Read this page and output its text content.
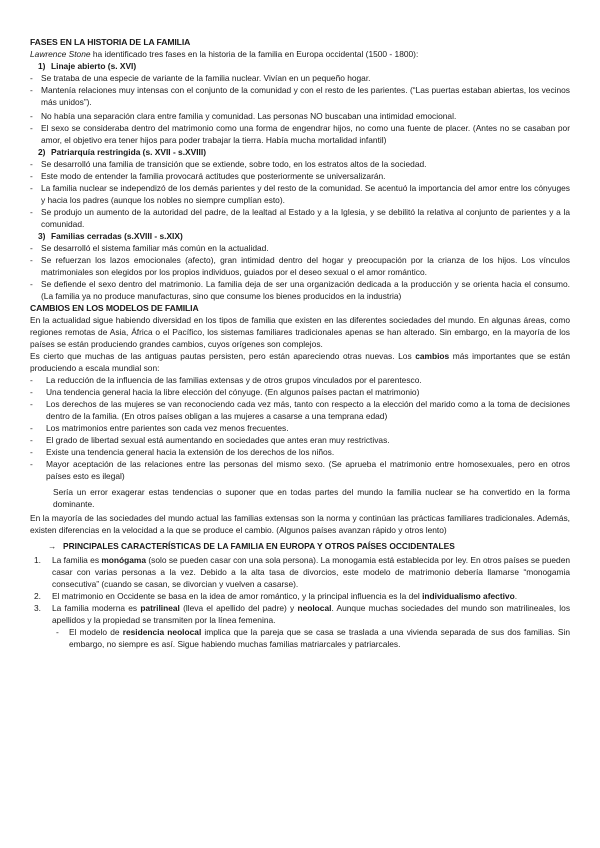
FASES EN LA HISTORIA DE LA FAMILIA

Lawrence Stone ha identificado tres fases en la historia de la familia en Europa occidental (1500 - 1800):

1) Linaje abierto (s. XVI)
- Se trataba de una especie de variante de la familia nuclear. Vivían en un pequeño hogar.
- Mantenía relaciones muy intensas con el conjunto de la comunidad y con el resto de les parientes. (“Las puertas estaban abiertas, los vecinos más unidos”).
- No había una separación clara entre familia y comunidad. Las personas NO buscaban una intimidad emocional.
- El sexo se consideraba dentro del matrimonio como una forma de engendrar hijos, no como una fuente de placer. (Antes no se casaban por amor, el objetivo era tener hijos para poder trabajar la tierra. Había mucha mortalidad infantil)
2) Patriarquía restringida (s. XVII - s.XVIII)
- Se desarrolló una familia de transición que se extiende, sobre todo, en los estratos altos de la sociedad.
- Este modo de entender la familia provocará actitudes que posteriormente se universalizarán.
- La familia nuclear se independizó de los demás parientes y del resto de la comunidad. Se acentuó la importancia del amor entre los cónyuges y hacia los padres (aunque los nobles no siempre cumplían esto).
- Se produjo un aumento de la autoridad del padre, de la lealtad al Estado y a la Iglesia, y se debilitó la relativa al conjunto de parientes y a la comunidad.
3) Familias cerradas (s.XVIII - s.XIX)
- Se desarrolló el sistema familiar más común en la actualidad.
- Se refuerzan los lazos emocionales (afecto), gran intimidad dentro del hogar y preocupación por la crianza de los hijos. Los vínculos matrimoniales son elegidos por los propios individuos, guiados por el deseo sexual o el amor romántico.
- Se defiende el sexo dentro del matrimonio. La familia deja de ser una organización dedicada a la producción y se orienta hacia el consumo. (La familia ya no produce manufacturas, sino que consume los bienes producidos en la industria)

CAMBIOS EN LOS MODELOS DE FAMILIA

En la actualidad sigue habiendo diversidad en los tipos de familia que existen en las diferentes sociedades del mundo. En algunas áreas, como regiones remotas de Asia, África o el Pacífico, los sistemas familiares tradicionales apenas se han alterado. Sin embargo, en la mayoría de los países se están produciendo grandes cambios, cuyos orígenes son complejos.

Es cierto que muchas de las antiguas pautas persisten, pero están apareciendo otras nuevas. Los cambios más importantes que se están produciendo a escala mundial son:

-	La reducción de la influencia de las familias extensas y de otros grupos vinculados por el parentesco.
-	Una tendencia general hacia la libre elección del cónyuge. (En algunos países pactan el matrimonio)
-	Los derechos de las mujeres se van reconociendo cada vez más, tanto con respecto a la elección del marido como a la toma de decisiones dentro de la familia. (En otros países obligan a las mujeres a casarse a una temprana edad)
-	Los matrimonios entre parientes son cada vez menos frecuentes.
-	El grado de libertad sexual está aumentando en sociedades que antes eran muy restrictivas.
-	Existe una tendencia general hacia la extensión de los derechos de los niños.
-	Mayor aceptación de las relaciones entre las personas del mismo sexo. (Se aprueba el matrimonio entre homosexuales, pero en otros países esto es ilegal)

Sería un error exagerar estas tendencias o suponer que en todas partes del mundo la familia nuclear se ha convertido en la forma dominante.

En la mayoría de las sociedades del mundo actual las familias extensas son la norma y continúan las prácticas familiares tradicionales. Además, existen diferencias en la velocidad a la que se produce el cambio. (Algunos países avanzan rápido y otros lento)

→ PRINCIPALES CARACTERÍSTICAS DE LA FAMILIA EN EUROPA Y OTROS PAÍSES OCCIDENTALES
1.	La familia es monógama (solo se pueden casar con una sola persona). La monogamia está establecida por ley. En otros países se pueden casar con varias personas a la vez. Debido a la alta tasa de divorcios, este modelo de matrimonio debería llamarse “monogamia consecutiva” (cuando se casan, se divorcian y vuelven a casarse).
2.	El matrimonio en Occidente se basa en la idea de amor romántico, y la principal influencia es la del individualismo afectivo.
3.	La familia moderna es patrilineal (lleva el apellido del padre) y neolocal. Aunque muchas sociedades del mundo son matrilineales, los apellidos y la propiedad se transmiten por la línea femenina.
-	El modelo de residencia neolocal implica que la pareja que se casa se traslada a una vivienda separada de sus dos familias. Sin embargo, no siempre es así. Sigue habiendo muchas familias matriarcales y patriarcales.
